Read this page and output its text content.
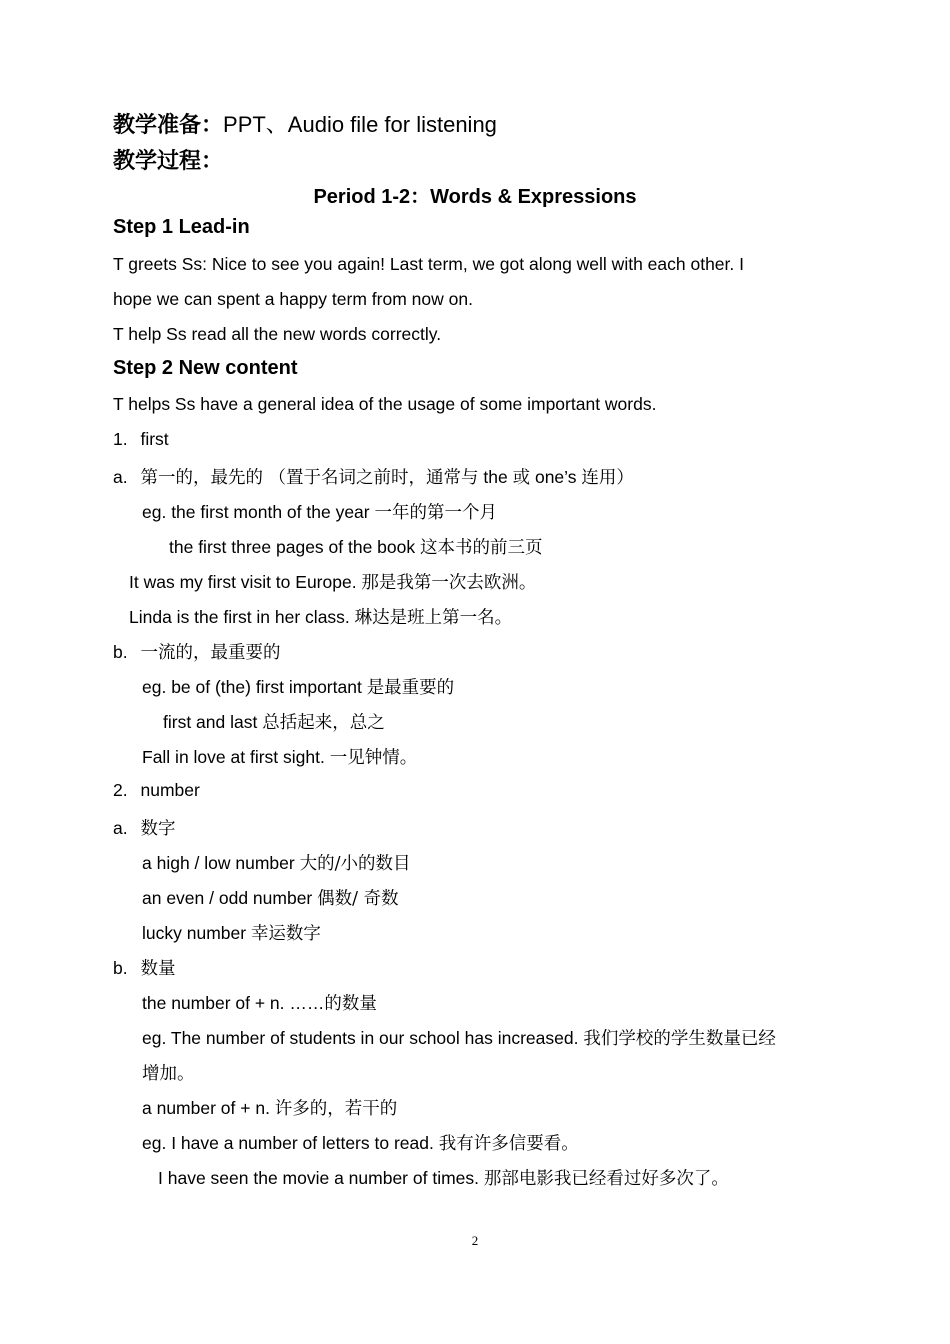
教学准备：PPT、Audio file for listening
教学过程：
Period 1-2：Words & Expressions
Step 1 Lead-in
T greets Ss: Nice to see you again! Last term, we got along well with each other. I
hope we can spent a happy term from now on.
T help Ss read all the new words correctly.
Step 2 New content
T helps Ss have a general idea of the usage of some important words.
1. first
a. 第一的，最先的 （置于名词之前时，通常与 the 或 one’s 连用）
eg. the first month of the year 一年的第一个月
the first three pages of the book 这本书的前三页
It was my first visit to Europe. 那是我第一次去欧洲。
Linda is the first in her class. 琳达是班上第一名。
b. 一流的，最重要的
eg. be of (the) first important 是最重要的
first and last 总括起来，总之
Fall in love at first sight. 一见钟情。
2. number
a. 数字
a high / low number 大的/小的数目
an even / odd number 偶数/ 奇数
lucky number 幸运数字
b. 数量
the number of + n. ……的数量
eg. The number of students in our school has increased. 我们学校的学生数量已经
增加。
a number of + n. 许多的，若干的
eg. I have a number of letters to read. 我有许多信要看。
I have seen the movie a number of times. 那部电影我已经看过好多次了。
2
